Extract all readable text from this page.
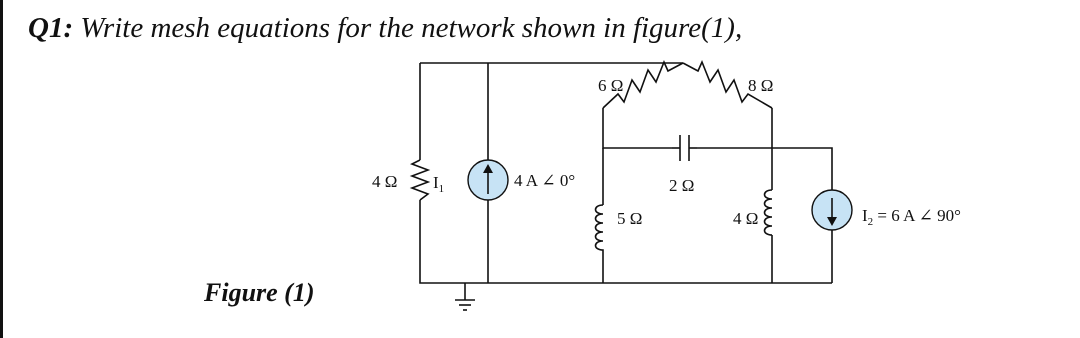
Q1: Write mesh equations for the network shown in figure(1),
Figure (1)
6 Ω	8 Ω
4 Ω $I_1$	4 A ∠ 0°	2 Ω
5 Ω	4 Ω	$I_2 = 6$ A ∠ 90°
